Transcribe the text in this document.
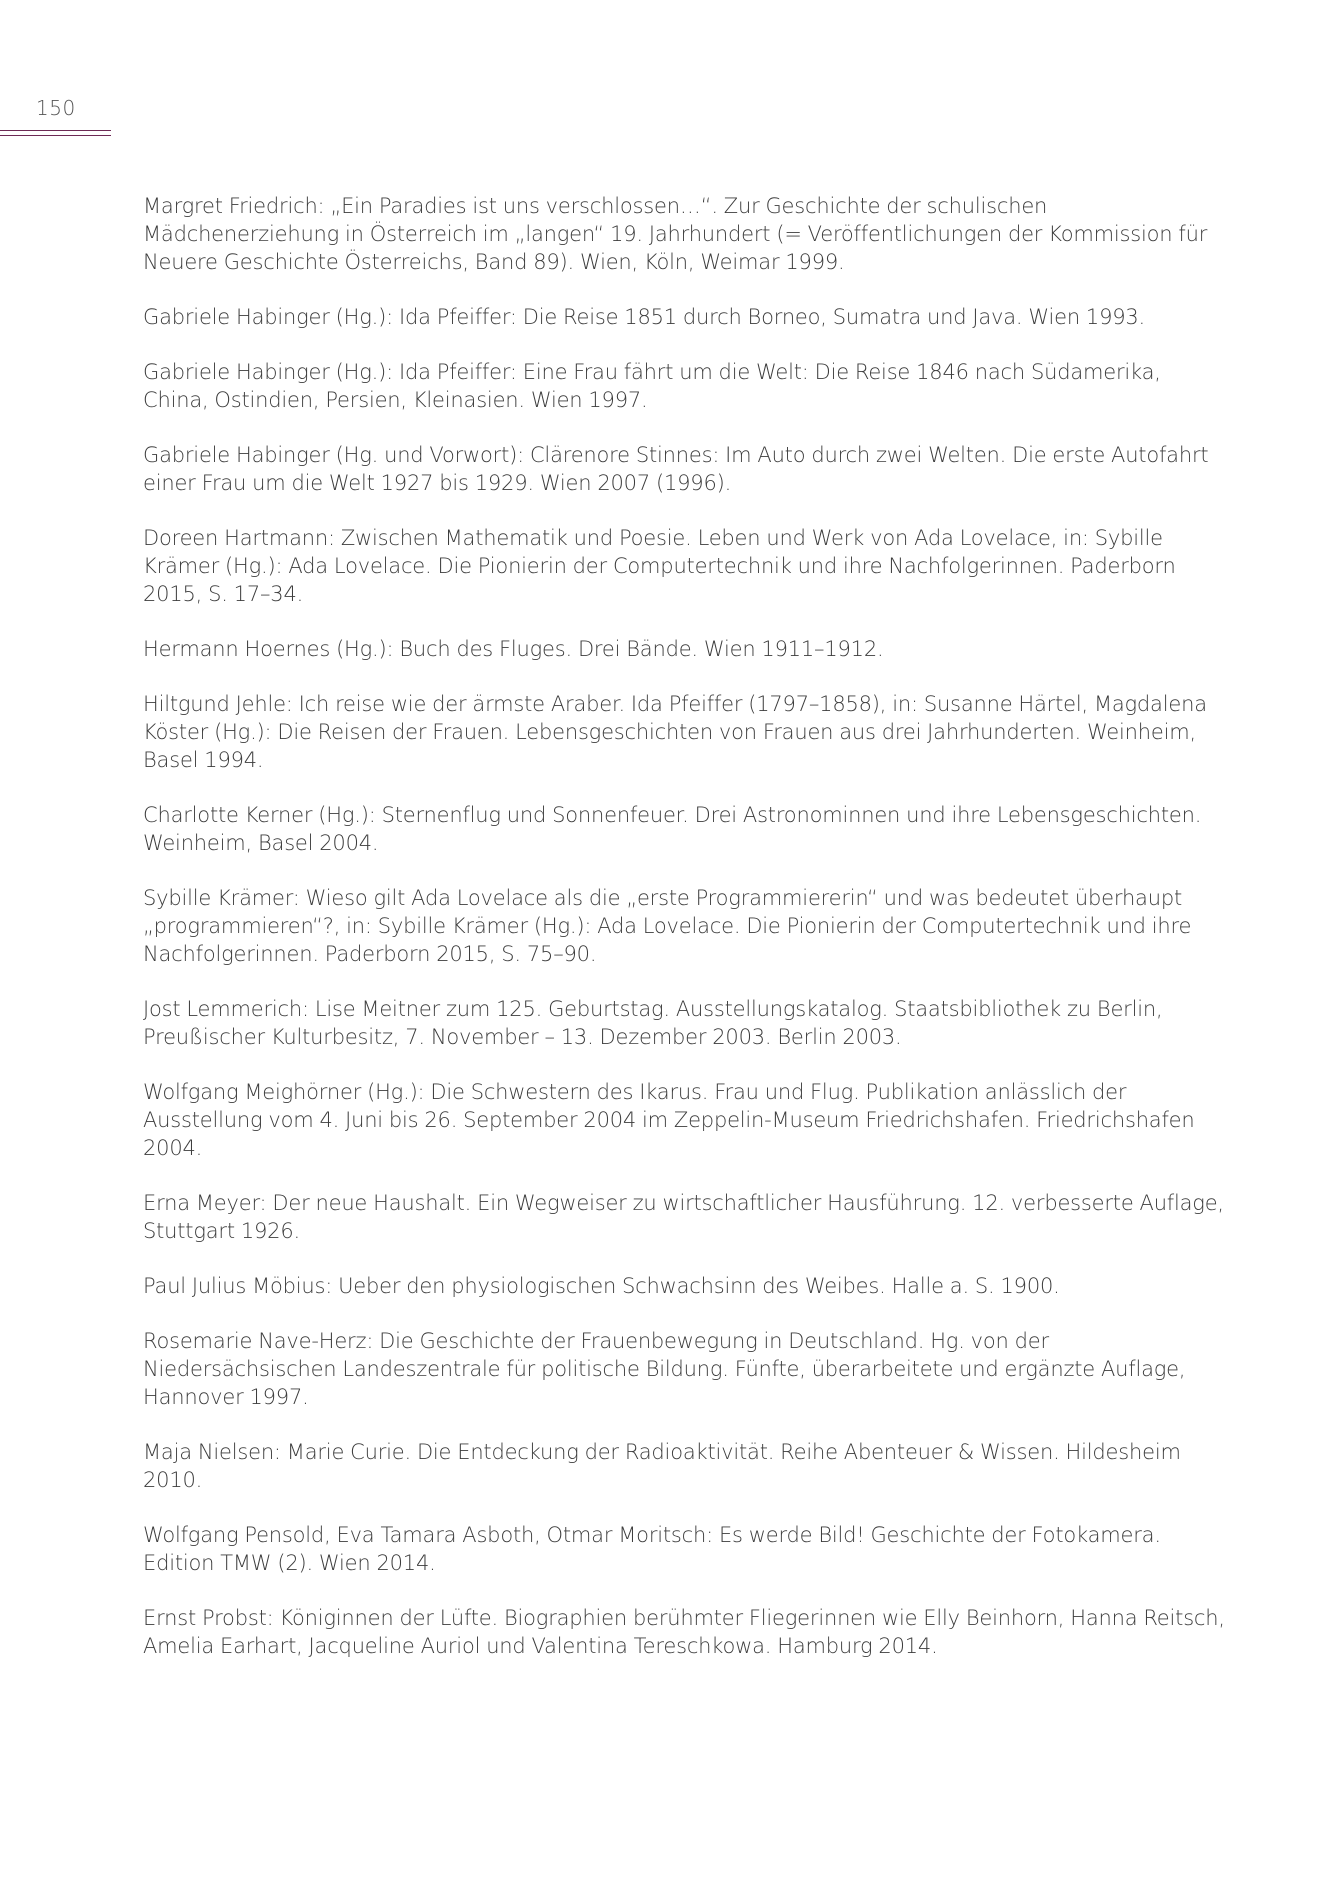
150
Margret Friedrich: „Ein Paradies ist uns verschlossen…“. Zur Geschichte der schulischen Mädchenerziehung in Österreich im „langen“ 19. Jahrhundert (= Veröffentlichungen der Kommission für Neuere Geschichte Österreichs, Band 89). Wien, Köln, Weimar 1999.
Gabriele Habinger (Hg.): Ida Pfeiffer: Die Reise 1851 durch Borneo, Sumatra und Java. Wien 1993.
Gabriele Habinger (Hg.): Ida Pfeiffer: Eine Frau fährt um die Welt: Die Reise 1846 nach Südamerika, China, Ostindien, Persien, Kleinasien. Wien 1997.
Gabriele Habinger (Hg. und Vorwort): Clärenore Stinnes: Im Auto durch zwei Welten. Die erste Autofahrt einer Frau um die Welt 1927 bis 1929. Wien 2007 (1996).
Doreen Hartmann: Zwischen Mathematik und Poesie. Leben und Werk von Ada Lovelace, in: Sybille Krämer (Hg.): Ada Lovelace. Die Pionierin der Computertechnik und ihre Nachfolgerinnen. Paderborn 2015, S. 17–34.
Hermann Hoernes (Hg.): Buch des Fluges. Drei Bände. Wien 1911–1912.
Hiltgund Jehle: Ich reise wie der ärmste Araber. Ida Pfeiffer (1797–1858), in: Susanne Härtel, Magdalena Köster (Hg.): Die Reisen der Frauen. Lebensgeschichten von Frauen aus drei Jahrhunderten. Weinheim, Basel 1994.
Charlotte Kerner (Hg.): Sternenflug und Sonnenfeuer. Drei Astronominnen und ihre Lebensgeschichten. Weinheim, Basel 2004.
Sybille Krämer: Wieso gilt Ada Lovelace als die „erste Programmiererin“ und was bedeutet überhaupt „programmieren“?, in: Sybille Krämer (Hg.): Ada Lovelace. Die Pionierin der Computertechnik und ihre Nachfolgerinnen. Paderborn 2015, S. 75–90.
Jost Lemmerich: Lise Meitner zum 125. Geburtstag. Ausstellungskatalog. Staatsbibliothek zu Berlin, Preußischer Kulturbesitz, 7. November – 13. Dezember 2003. Berlin 2003.
Wolfgang Meighörner (Hg.): Die Schwestern des Ikarus. Frau und Flug. Publikation anlässlich der Ausstellung vom 4. Juni bis 26. September 2004 im Zeppelin-Museum Friedrichshafen. Friedrichshafen 2004.
Erna Meyer: Der neue Haushalt. Ein Wegweiser zu wirtschaftlicher Hausführung. 12. verbesserte Auflage, Stuttgart 1926.
Paul Julius Möbius: Ueber den physiologischen Schwachsinn des Weibes. Halle a. S. 1900.
Rosemarie Nave-Herz: Die Geschichte der Frauenbewegung in Deutschland. Hg. von der Niedersächsischen Landeszentrale für politische Bildung. Fünfte, überarbeitete und ergänzte Auflage, Hannover 1997.
Maja Nielsen: Marie Curie. Die Entdeckung der Radioaktivität. Reihe Abenteuer & Wissen. Hildesheim 2010.
Wolfgang Pensold, Eva Tamara Asboth, Otmar Moritsch: Es werde Bild! Geschichte der Fotokamera. Edition TMW (2). Wien 2014.
Ernst Probst: Königinnen der Lüfte. Biographien berühmter Fliegerinnen wie Elly Beinhorn, Hanna Reitsch, Amelia Earhart, Jacqueline Auriol und Valentina Tereschkowa. Hamburg 2014.
